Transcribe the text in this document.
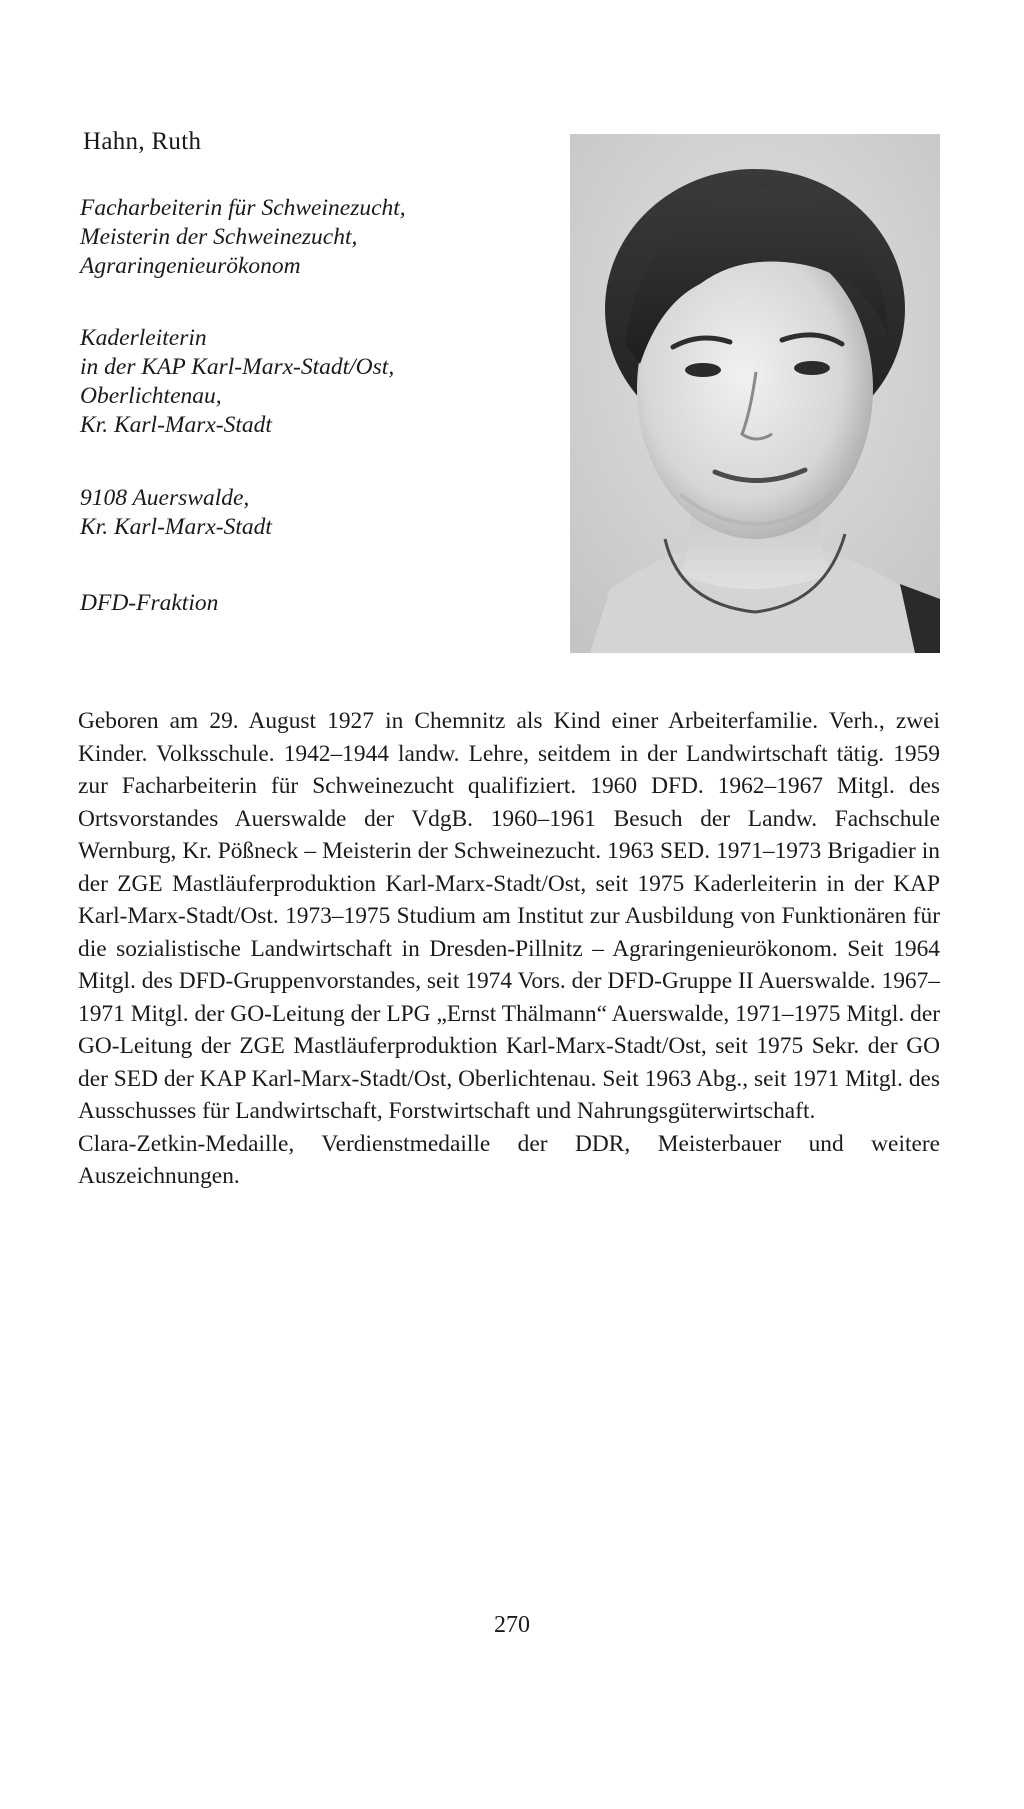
Hahn, Ruth
Facharbeiterin für Schweinezucht,
Meisterin der Schweinezucht,
Agraringenieurökonom
Kaderleiterin
in der KAP Karl-Marx-Stadt/Ost,
Oberlichtenau,
Kr. Karl-Marx-Stadt
9108 Auerswalde,
Kr. Karl-Marx-Stadt
DFD-Fraktion

Geboren am 29. August 1927 in Chemnitz als Kind einer Arbeiterfamilie. Verh., zwei Kinder. Volksschule. 1942–1944 landw. Lehre, seitdem in der Landwirtschaft tätig. 1959 zur Facharbeiterin für Schweinezucht qualifiziert. 1960 DFD. 1962–1967 Mitgl. des Ortsvorstandes Auerswalde der VdgB. 1960–1961 Besuch der Landw. Fachschule Wernburg, Kr. Pößneck – Meisterin der Schweinezucht. 1963 SED. 1971–1973 Brigadier in der ZGE Mastläuferproduktion Karl-Marx-Stadt/Ost, seit 1975 Kaderleiterin in der KAP Karl-Marx-Stadt/Ost. 1973–1975 Studium am Institut zur Ausbildung von Funktionären für die sozialistische Landwirtschaft in Dresden-Pillnitz – Agraringenieurökonom. Seit 1964 Mitgl. des DFD-Gruppenvorstandes, seit 1974 Vors. der DFD-Gruppe II Auerswalde. 1967–1971 Mitgl. der GO-Leitung der LPG „Ernst Thälmann“ Auerswalde, 1971–1975 Mitgl. der GO-Leitung der ZGE Mastläuferproduktion Karl-Marx-Stadt/Ost, seit 1975 Sekr. der GO der SED der KAP Karl-Marx-Stadt/Ost, Oberlichtenau. Seit 1963 Abg., seit 1971 Mitgl. des Ausschusses für Landwirtschaft, Forstwirtschaft und Nahrungsgüterwirtschaft.

Clara-Zetkin-Medaille, Verdienstmedaille der DDR, Meisterbauer und weitere Auszeichnungen.

270
